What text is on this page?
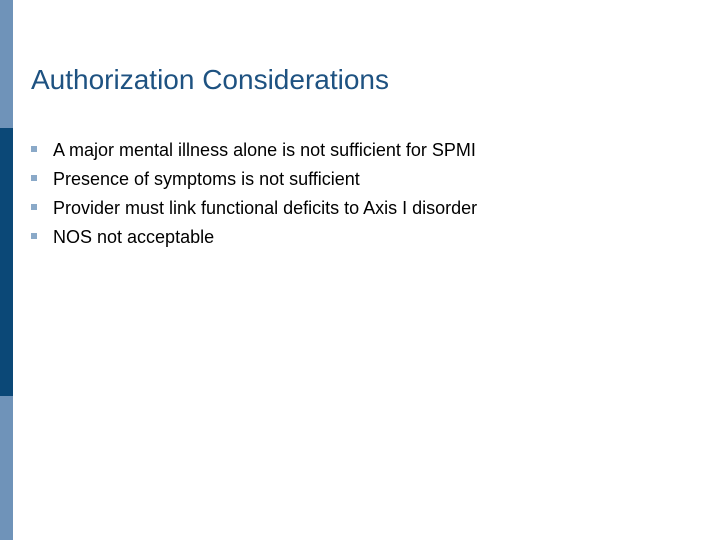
Authorization Considerations
A major mental illness alone is not sufficient for SPMI
Presence of symptoms is not sufficient
Provider must link functional deficits to Axis I disorder
NOS not acceptable
